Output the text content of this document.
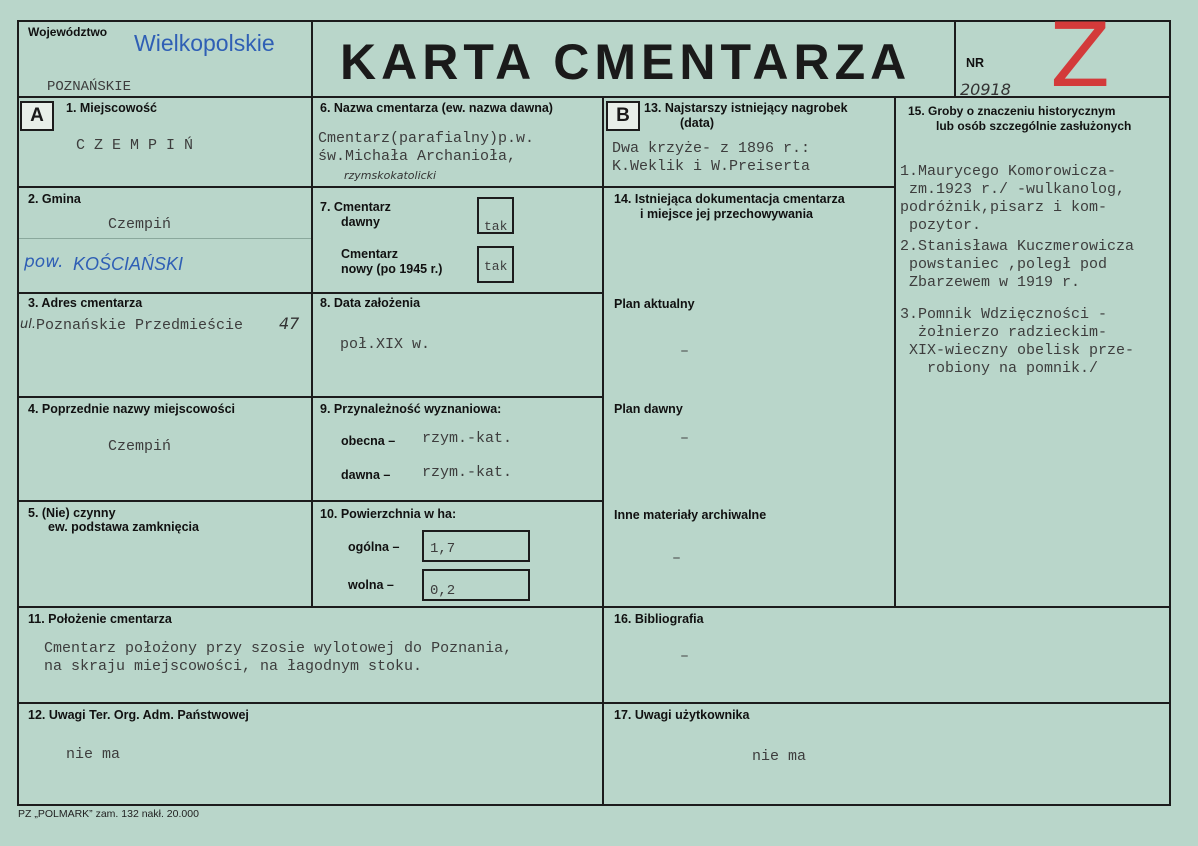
Województwo Wielkopolskie
POZNAŃSKIE	KARTA CMENTARZA	NR
20918 Z
A	1. Miejscowość
C Z E M P I Ń
2. Gmina
Czempiń
pow. KOŚCIAŃSKI
3. Adres cmentarza
ul. Poznańskie Przedmieście 47
4. Poprzednie nazwy miejscowości
Czempiń
5. (Nie) czynny
ew. podstawa zamknięcia
6. Nazwa cmentarza (ew. nazwa dawna)
Cmentarz(parafialny)p.w.
św.Michała Archanioła,
rzymskokatolicki
7. Cmentarz
dawny	tak
Cmentarz
nowy (po 1945 r.)	tak
8. Data założenia
poł.XIX w.
9. Przynależność wyznaniowa:
obecna – rzym.-kat.
dawna – rzym.-kat.
10. Powierzchnia w ha:
ogólna – 1,7
wolna –	0,2
B	13. Najstarszy istniejący nagrobek
(data)
Dwa krzyże- z 1896 r.:
K.Weklik i W.Preiserta
14. Istniejąca dokumentacja cmentarza
i miejsce jej przechowywania
Plan aktualny
–
Plan dawny
–
Inne materiały archiwalne
–
15. Groby o znaczeniu historycznym
lub osób szczególnie zasłużonych
1.Maurycego Komorowicza-
zm.1923 r./ -wulkanolog,
podróżnik,pisarz i kom-
pozytor.
2.Stanisława Kuczmerowicza
powstaniec ,poległ pod
Zbarzewem w 1919 r.
3.Pomnik Wdzięczności -
żołnierzo radzieckim-
XIX-wieczny obelisk prze-
robiony na pomnik./
11. Położenie cmentarza
Cmentarz położony przy szosie wylotowej do Poznania,
na skraju miejscowości, na łagodnym stoku.
16. Bibliografia
–
12. Uwagi Ter. Org. Adm. Państwowej
nie ma
17. Uwagi użytkownika
nie ma
PZ „POLMARK” zam. 132 nakł. 20.000
